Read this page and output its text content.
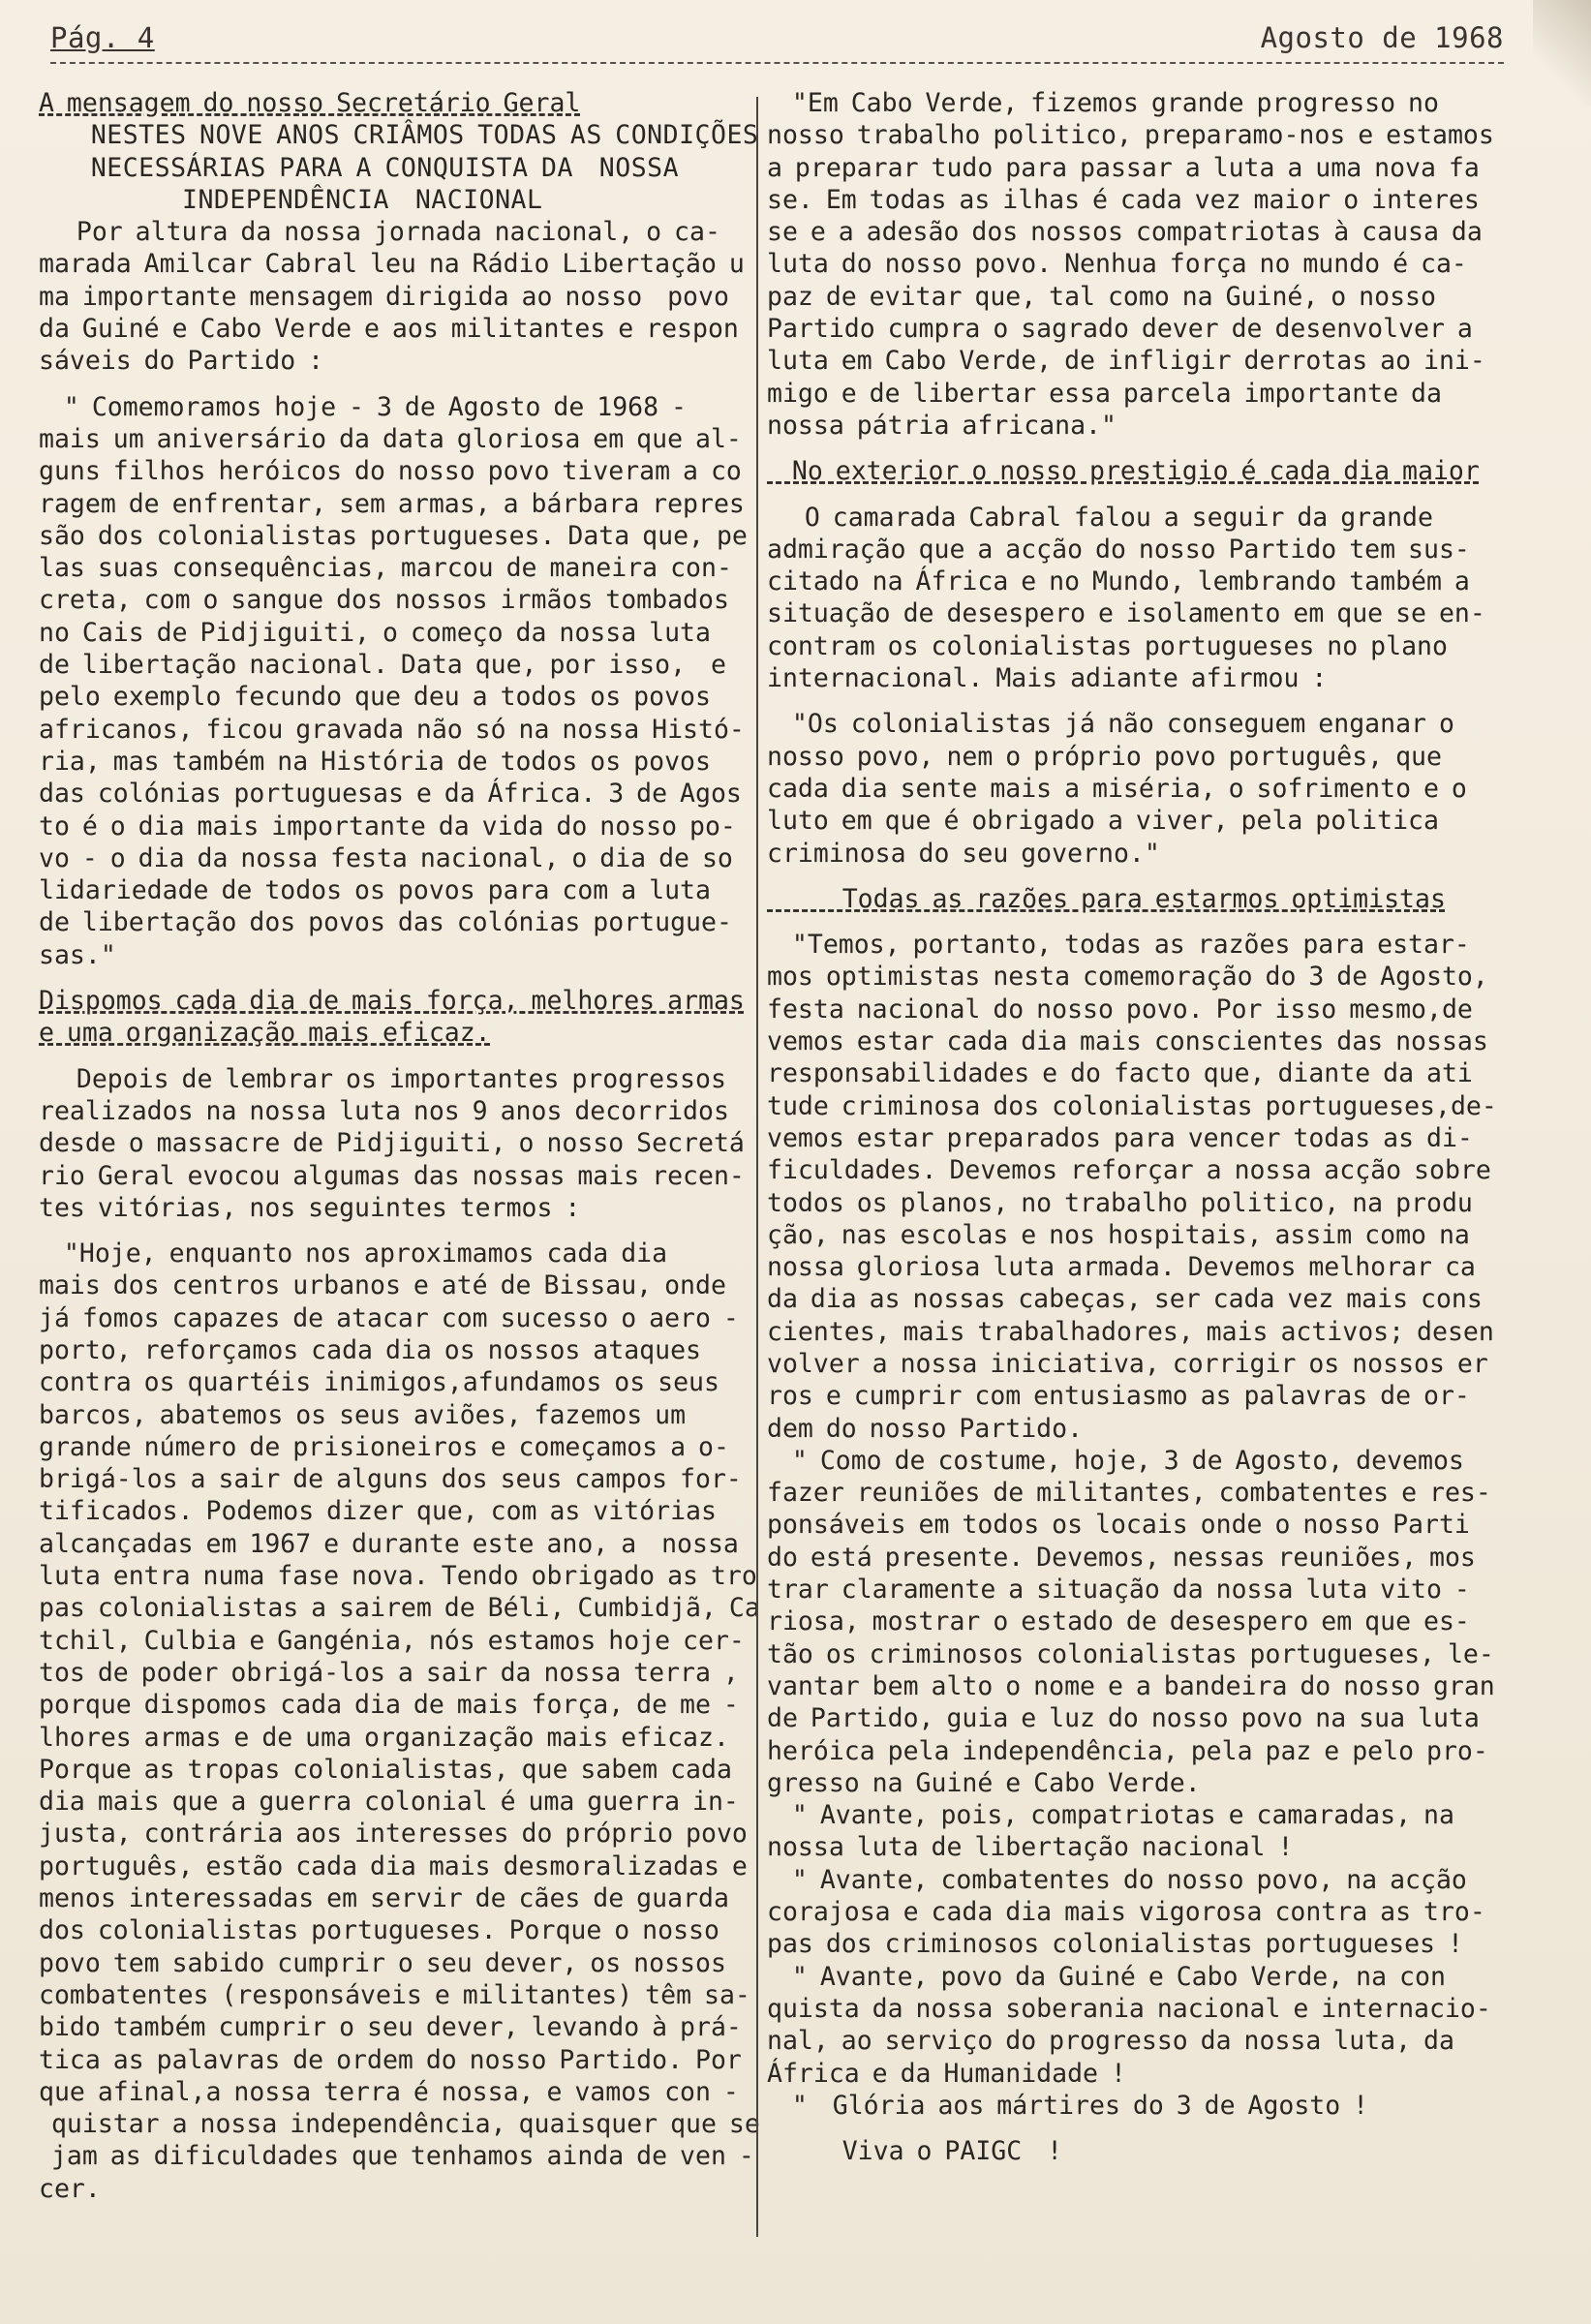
Pág. 4	Agosto de 1968
A mensagem do nosso Secretário Geral
NESTES NOVE ANOS CRIÂMOS TODAS AS CONDIÇÕES
NECESSÁRIAS PARA A CONQUISTA DA  NOSSA
INDEPENDÊNCIA  NACIONAL
Por altura da nossa jornada nacional, o ca-
marada Amilcar Cabral leu na Rádio Libertação u
ma importante mensagem dirigida ao nosso  povo
da Guiné e Cabo Verde e aos militantes e respon
sáveis do Partido :
" Comemoramos hoje - 3 de Agosto de 1968 -
mais um aniversário da data gloriosa em que al-
guns filhos heróicos do nosso povo tiveram a co
ragem de enfrentar, sem armas, a bárbara repres
são dos colonialistas portugueses. Data que, pe
las suas consequências, marcou de maneira con-
creta, com o sangue dos nossos irmãos tombados
no Cais de Pidjiguiti, o começo da nossa luta
de libertação nacional. Data que, por isso,  e
pelo exemplo fecundo que deu a todos os povos
africanos, ficou gravada não só na nossa Histó-
ria, mas também na História de todos os povos
das colónias portuguesas e da África. 3 de Agos
to é o dia mais importante da vida do nosso po-
vo - o dia da nossa festa nacional, o dia de so
lidariedade de todos os povos para com a luta
de libertação dos povos das colónias portugue-
sas."
Dispomos cada dia de mais força, melhores armas
e uma organização mais eficaz.
Depois de lembrar os importantes progressos
realizados na nossa luta nos 9 anos decorridos
desde o massacre de Pidjiguiti, o nosso Secretá
rio Geral evocou algumas das nossas mais recen-
tes vitórias, nos seguintes termos :
"Hoje, enquanto nos aproximamos cada dia
mais dos centros urbanos e até de Bissau, onde
já fomos capazes de atacar com sucesso o aero -
porto, reforçamos cada dia os nossos ataques
contra os quartéis inimigos,afundamos os seus
barcos, abatemos os seus aviões, fazemos um
grande número de prisioneiros e começamos a o-
brigá-los a sair de alguns dos seus campos for-
tificados. Podemos dizer que, com as vitórias
alcançadas em 1967 e durante este ano, a  nossa
luta entra numa fase nova. Tendo obrigado as tro
pas colonialistas a sairem de Béli, Cumbidjã, Ca
tchil, Culbia e Gangénia, nós estamos hoje cer-
tos de poder obrigá-los a sair da nossa terra ,
porque dispomos cada dia de mais força, de me -
lhores armas e de uma organização mais eficaz.
Porque as tropas colonialistas, que sabem cada
dia mais que a guerra colonial é uma guerra in-
justa, contrária aos interesses do próprio povo
português, estão cada dia mais desmoralizadas e
menos interessadas em servir de cães de guarda
dos colonialistas portugueses. Porque o nosso
povo tem sabido cumprir o seu dever, os nossos
combatentes (responsáveis e militantes) têm sa-
bido também cumprir o seu dever, levando à prá-
tica as palavras de ordem do nosso Partido. Por
que afinal,a nossa terra é nossa, e vamos con -
quistar a nossa independência, quaisquer que se
jam as dificuldades que tenhamos ainda de ven -
cer.
"Em Cabo Verde, fizemos grande progresso no
nosso trabalho politico, preparamo-nos e estamos
a preparar tudo para passar a luta a uma nova fa
se. Em todas as ilhas é cada vez maior o interes
se e a adesão dos nossos compatriotas à causa da
luta do nosso povo. Nenhua força no mundo é ca-
paz de evitar que, tal como na Guiné, o nosso
Partido cumpra o sagrado dever de desenvolver a
luta em Cabo Verde, de infligir derrotas ao ini-
migo e de libertar essa parcela importante da
nossa pátria africana."
No exterior o nosso prestigio é cada dia maior
O camarada Cabral falou a seguir da grande
admiração que a acção do nosso Partido tem sus-
citado na África e no Mundo, lembrando também a
situação de desespero e isolamento em que se en-
contram os colonialistas portugueses no plano
internacional. Mais adiante afirmou :
"Os colonialistas já não conseguem enganar o
nosso povo, nem o próprio povo português, que
cada dia sente mais a miséria, o sofrimento e o
luto em que é obrigado a viver, pela politica
criminosa do seu governo."
Todas as razões para estarmos optimistas
"Temos, portanto, todas as razões para estar-
mos optimistas nesta comemoração do 3 de Agosto,
festa nacional do nosso povo. Por isso mesmo,de
vemos estar cada dia mais conscientes das nossas
responsabilidades e do facto que, diante da ati
tude criminosa dos colonialistas portugueses,de-
vemos estar preparados para vencer todas as di-
ficuldades. Devemos reforçar a nossa acção sobre
todos os planos, no trabalho politico, na produ
ção, nas escolas e nos hospitais, assim como na
nossa gloriosa luta armada. Devemos melhorar ca
da dia as nossas cabeças, ser cada vez mais cons
cientes, mais trabalhadores, mais activos; desen
volver a nossa iniciativa, corrigir os nossos er
ros e cumprir com entusiasmo as palavras de or-
dem do nosso Partido.
" Como de costume, hoje, 3 de Agosto, devemos
fazer reuniões de militantes, combatentes e res-
ponsáveis em todos os locais onde o nosso Parti
do está presente. Devemos, nessas reuniões, mos
trar claramente a situação da nossa luta vito -
riosa, mostrar o estado de desespero em que es-
tão os criminosos colonialistas portugueses, le-
vantar bem alto o nome e a bandeira do nosso gran
de Partido, guia e luz do nosso povo na sua luta
heróica pela independência, pela paz e pelo pro-
gresso na Guiné e Cabo Verde.
" Avante, pois, compatriotas e camaradas, na
nossa luta de libertação nacional !
" Avante, combatentes do nosso povo, na acção
corajosa e cada dia mais vigorosa contra as tro-
pas dos criminosos colonialistas portugueses !
" Avante, povo da Guiné e Cabo Verde, na con
quista da nossa soberania nacional e internacio-
nal, ao serviço do progresso da nossa luta, da
África e da Humanidade !
"  Glória aos mártires do 3 de Agosto !
Viva o PAIGC  !
